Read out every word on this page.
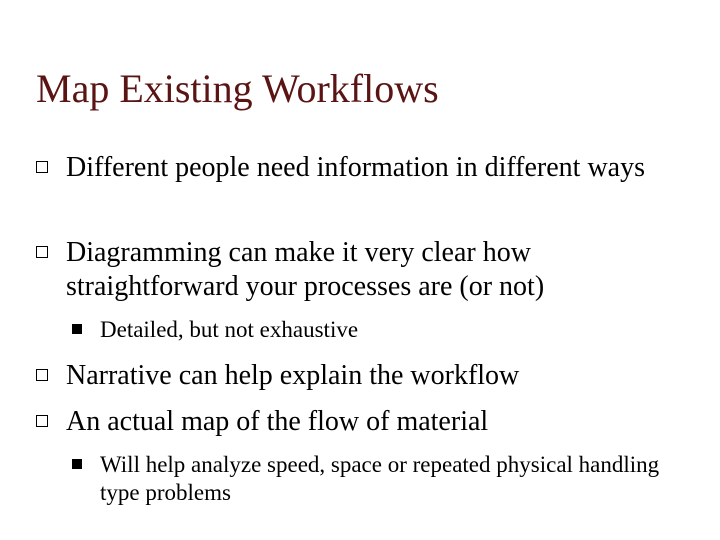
Map Existing Workflows
Different people need information in different ways
Diagramming can make it very clear how straightforward your processes are (or not)
Detailed, but not exhaustive
Narrative can help explain the workflow
An actual map of the flow of material
Will help analyze speed, space or repeated physical handling type problems
